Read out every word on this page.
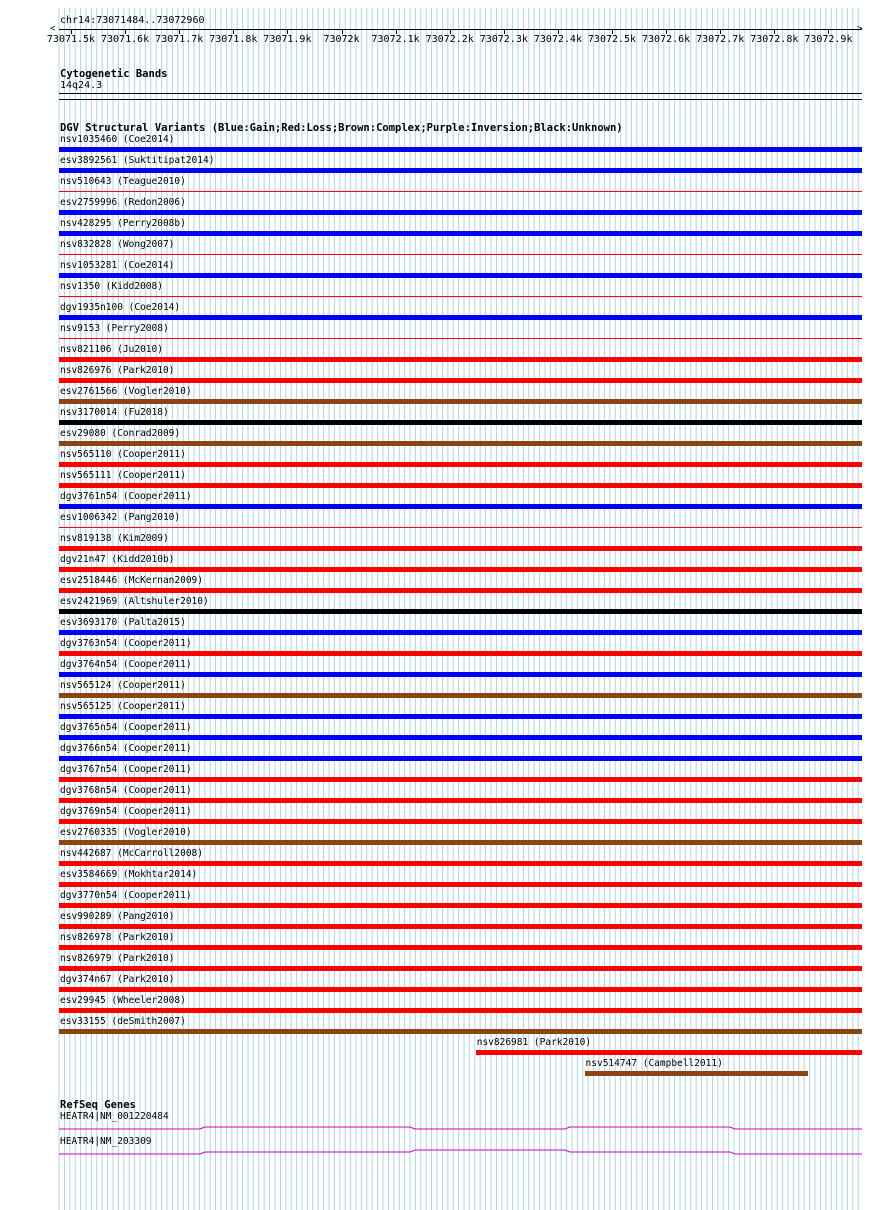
chr14:73071484..73072960
<	>
73071.5k 73071.6k 73071.7k 73071.8k 73071.9k	73072k	73072.1k 73072.2k 73072.3k 73072.4k 73072.5k 73072.6k 73072.7k 73072.8k 73072.9k
Cytogenetic Bands
14q24.3
DGV Structural Variants (Blue:Gain;Red:Loss;Brown:Complex;Purple:Inversion;Black:Unknown)
nsv1035460 (Coe2014)
esv3892561 (Suktitipat2014)
nsv510643 (Teague2010)
esv2759996 (Redon2006)
nsv428295 (Perry2008b)
nsv832828 (Wong2007)
nsv1053281 (Coe2014)
nsv1350 (Kidd2008)
dgv1935n100 (Coe2014)
nsv9153 (Perry2008)
nsv821106 (Ju2010)
nsv826976 (Park2010)
esv2761566 (Vogler2010)
nsv3170014 (Fu2018)
esv29080 (Conrad2009)
nsv565110 (Cooper2011)
nsv565111 (Cooper2011)
dgv3761n54 (Cooper2011)
esv1006342 (Pang2010)
nsv819138 (Kim2009)
dgv21n47 (Kidd2010b)
esv2518446 (McKernan2009)
esv2421969 (Altshuler2010)
esv3693170 (Palta2015)
dgv3763n54 (Cooper2011)
dgv3764n54 (Cooper2011)
nsv565124 (Cooper2011)
nsv565125 (Cooper2011)
dgv3765n54 (Cooper2011)
dgv3766n54 (Cooper2011)
dgv3767n54 (Cooper2011)
dgv3768n54 (Cooper2011)
dgv3769n54 (Cooper2011)
esv2760335 (Vogler2010)
nsv442687 (McCarroll2008)
esv3584669 (Mokhtar2014)
dgv3770n54 (Cooper2011)
esv990289 (Pang2010)
nsv826978 (Park2010)
nsv826979 (Park2010)
dgv374n67 (Park2010)
esv29945 (Wheeler2008)
esv33155 (deSmith2007)
nsv826981 (Park2010)
nsv514747 (Campbell2011)
RefSeq Genes
HEATR4|NM_001220484
HEATR4|NM_203309
